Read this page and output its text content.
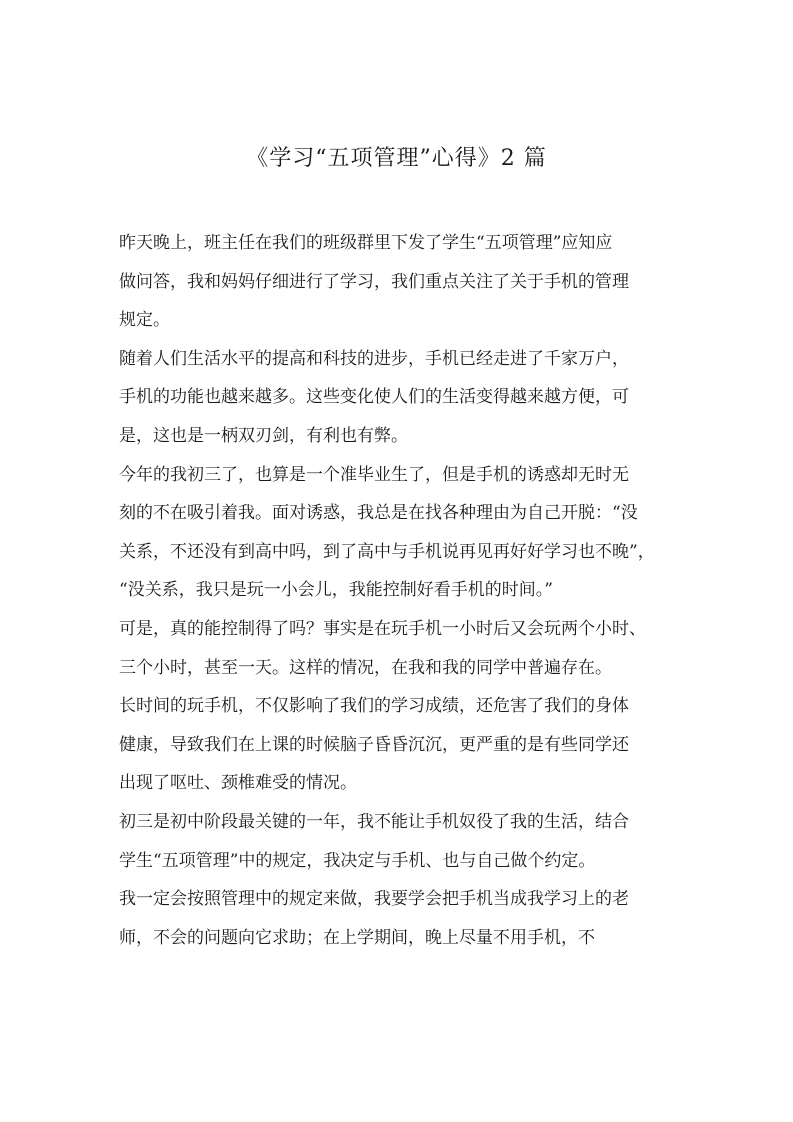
《学习“五项管理”心得》2 篇
昨天晚上，班主任在我们的班级群里下发了学生“五项管理”应知应
做问答，我和妈妈仔细进行了学习，我们重点关注了关于手机的管理
规定。
随着人们生活水平的提高和科技的进步，手机已经走进了千家万户，
手机的功能也越来越多。这些变化使人们的生活变得越来越方便，可
是，这也是一柄双刃剑，有利也有弊。
今年的我初三了，也算是一个准毕业生了，但是手机的诱惑却无时无
刻的不在吸引着我。面对诱惑，我总是在找各种理由为自己开脱：“没
关系，不还没有到高中吗，到了高中与手机说再见再好好学习也不晚”，
“没关系，我只是玩一小会儿，我能控制好看手机的时间。”
可是，真的能控制得了吗？事实是在玩手机一小时后又会玩两个小时、
三个小时，甚至一天。这样的情况，在我和我的同学中普遍存在。
长时间的玩手机，不仅影响了我们的学习成绩，还危害了我们的身体
健康，导致我们在上课的时候脑子昏昏沉沉，更严重的是有些同学还
出现了呕吐、颈椎难受的情况。
初三是初中阶段最关键的一年，我不能让手机奴役了我的生活，结合
学生“五项管理”中的规定，我决定与手机、也与自己做个约定。
我一定会按照管理中的规定来做，我要学会把手机当成我学习上的老
师，不会的问题向它求助；在上学期间，晚上尽量不用手机，不
